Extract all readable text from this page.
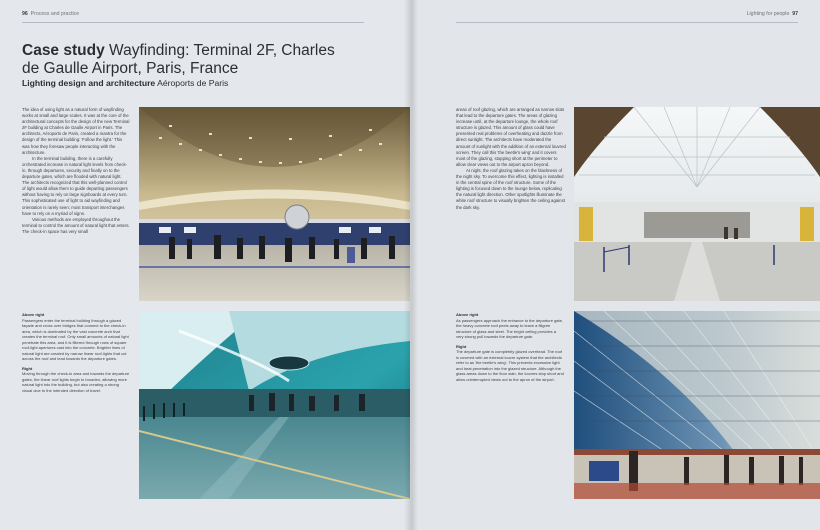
96 Process and practice
Case study Wayfinding: Terminal 2F, Charles de Gaulle Airport, Paris, France
Lighting design and architecture Aéroports de Paris

The idea of using light as a natural form of wayfinding works at small and large scales. It was at the core of the architectural concepts for the design of the new Terminal 2F building at Charles de Gaulle Airport in Paris. The architects, Aéroports de Paris, created a mantra for the design of the terminal building: 'Follow the light.' This was how they foresaw people interacting with the architecture.

In the terminal building, there is a carefully orchestrated increase in natural light levels from check-in, through departures, security and finally on to the departure gates, which are flooded with natural light. The architects recognized that this well-planned control of light would allow them to guide departing passengers without having to rely on large signboards at every turn. This sophisticated use of light to aid wayfinding and orientation is rarely seen; most transport interchanges have to rely on a myriad of signs.

Various methods are employed throughout the terminal to control the amount of natural light that enters. The check-in space has very small

Above right
Passengers enter the terminal building through a glazed façade and cross over bridges that connect to the check-in area, which is dominated by the vast concrete arch that creates the terminal roof. Only small amounts of natural light penetrate this area, and it is filtered through rows of square roof-light apertures cast into the concrete. Brighter lines of natural light are created by narrow linear roof-lights that cut across the roof and lead towards the departure gates.

Right
Moving through the check-in area and towards the departure gates, the linear roof lights begin to broaden, allowing more natural light into the building, but also creating a strong visual clue to the intended direction of travel.

Lighting for people 97

areas of roof glazing, which are arranged as narrow slots that lead to the departure gates. The areas of glazing increase until, at the departure lounge, the whole roof structure is glazed. This amount of glass could have presented real problems of overheating and dazzle from direct sunlight. The architects have moderated the amount of sunlight with the addition of an external louvred screen. They call this 'the beetle's wing' and it covers most of the glazing, stopping short at the perimeter to allow clear views out to the airport apron beyond.

At night, the roof glazing takes on the blackness of the night sky. To overcome this effect, lighting is installed in the central spine of the roof structure. Some of the lighting is focused down to the lounge below, replicating the natural light direction. Other spotlights illuminate the white roof structure to visually brighten the ceiling against the dark sky.

Above right
As passengers approach the entrance to the departure gate, the heavy concrete roof peels away to leave a filigree structure of glass and steel. The bright ceiling provides a very strong pull towards the departure gate.

Right
The departure gate is completely glazed overhead. The roof is covered with an external louvre system that the architects refer to as 'the beetle's wing'. This prevents excessive light and heat penetration into the glazed structure. Although the glass areas down to the floor slab, the louvres stop short and allow uninterrupted views out to the apron of the airport.
